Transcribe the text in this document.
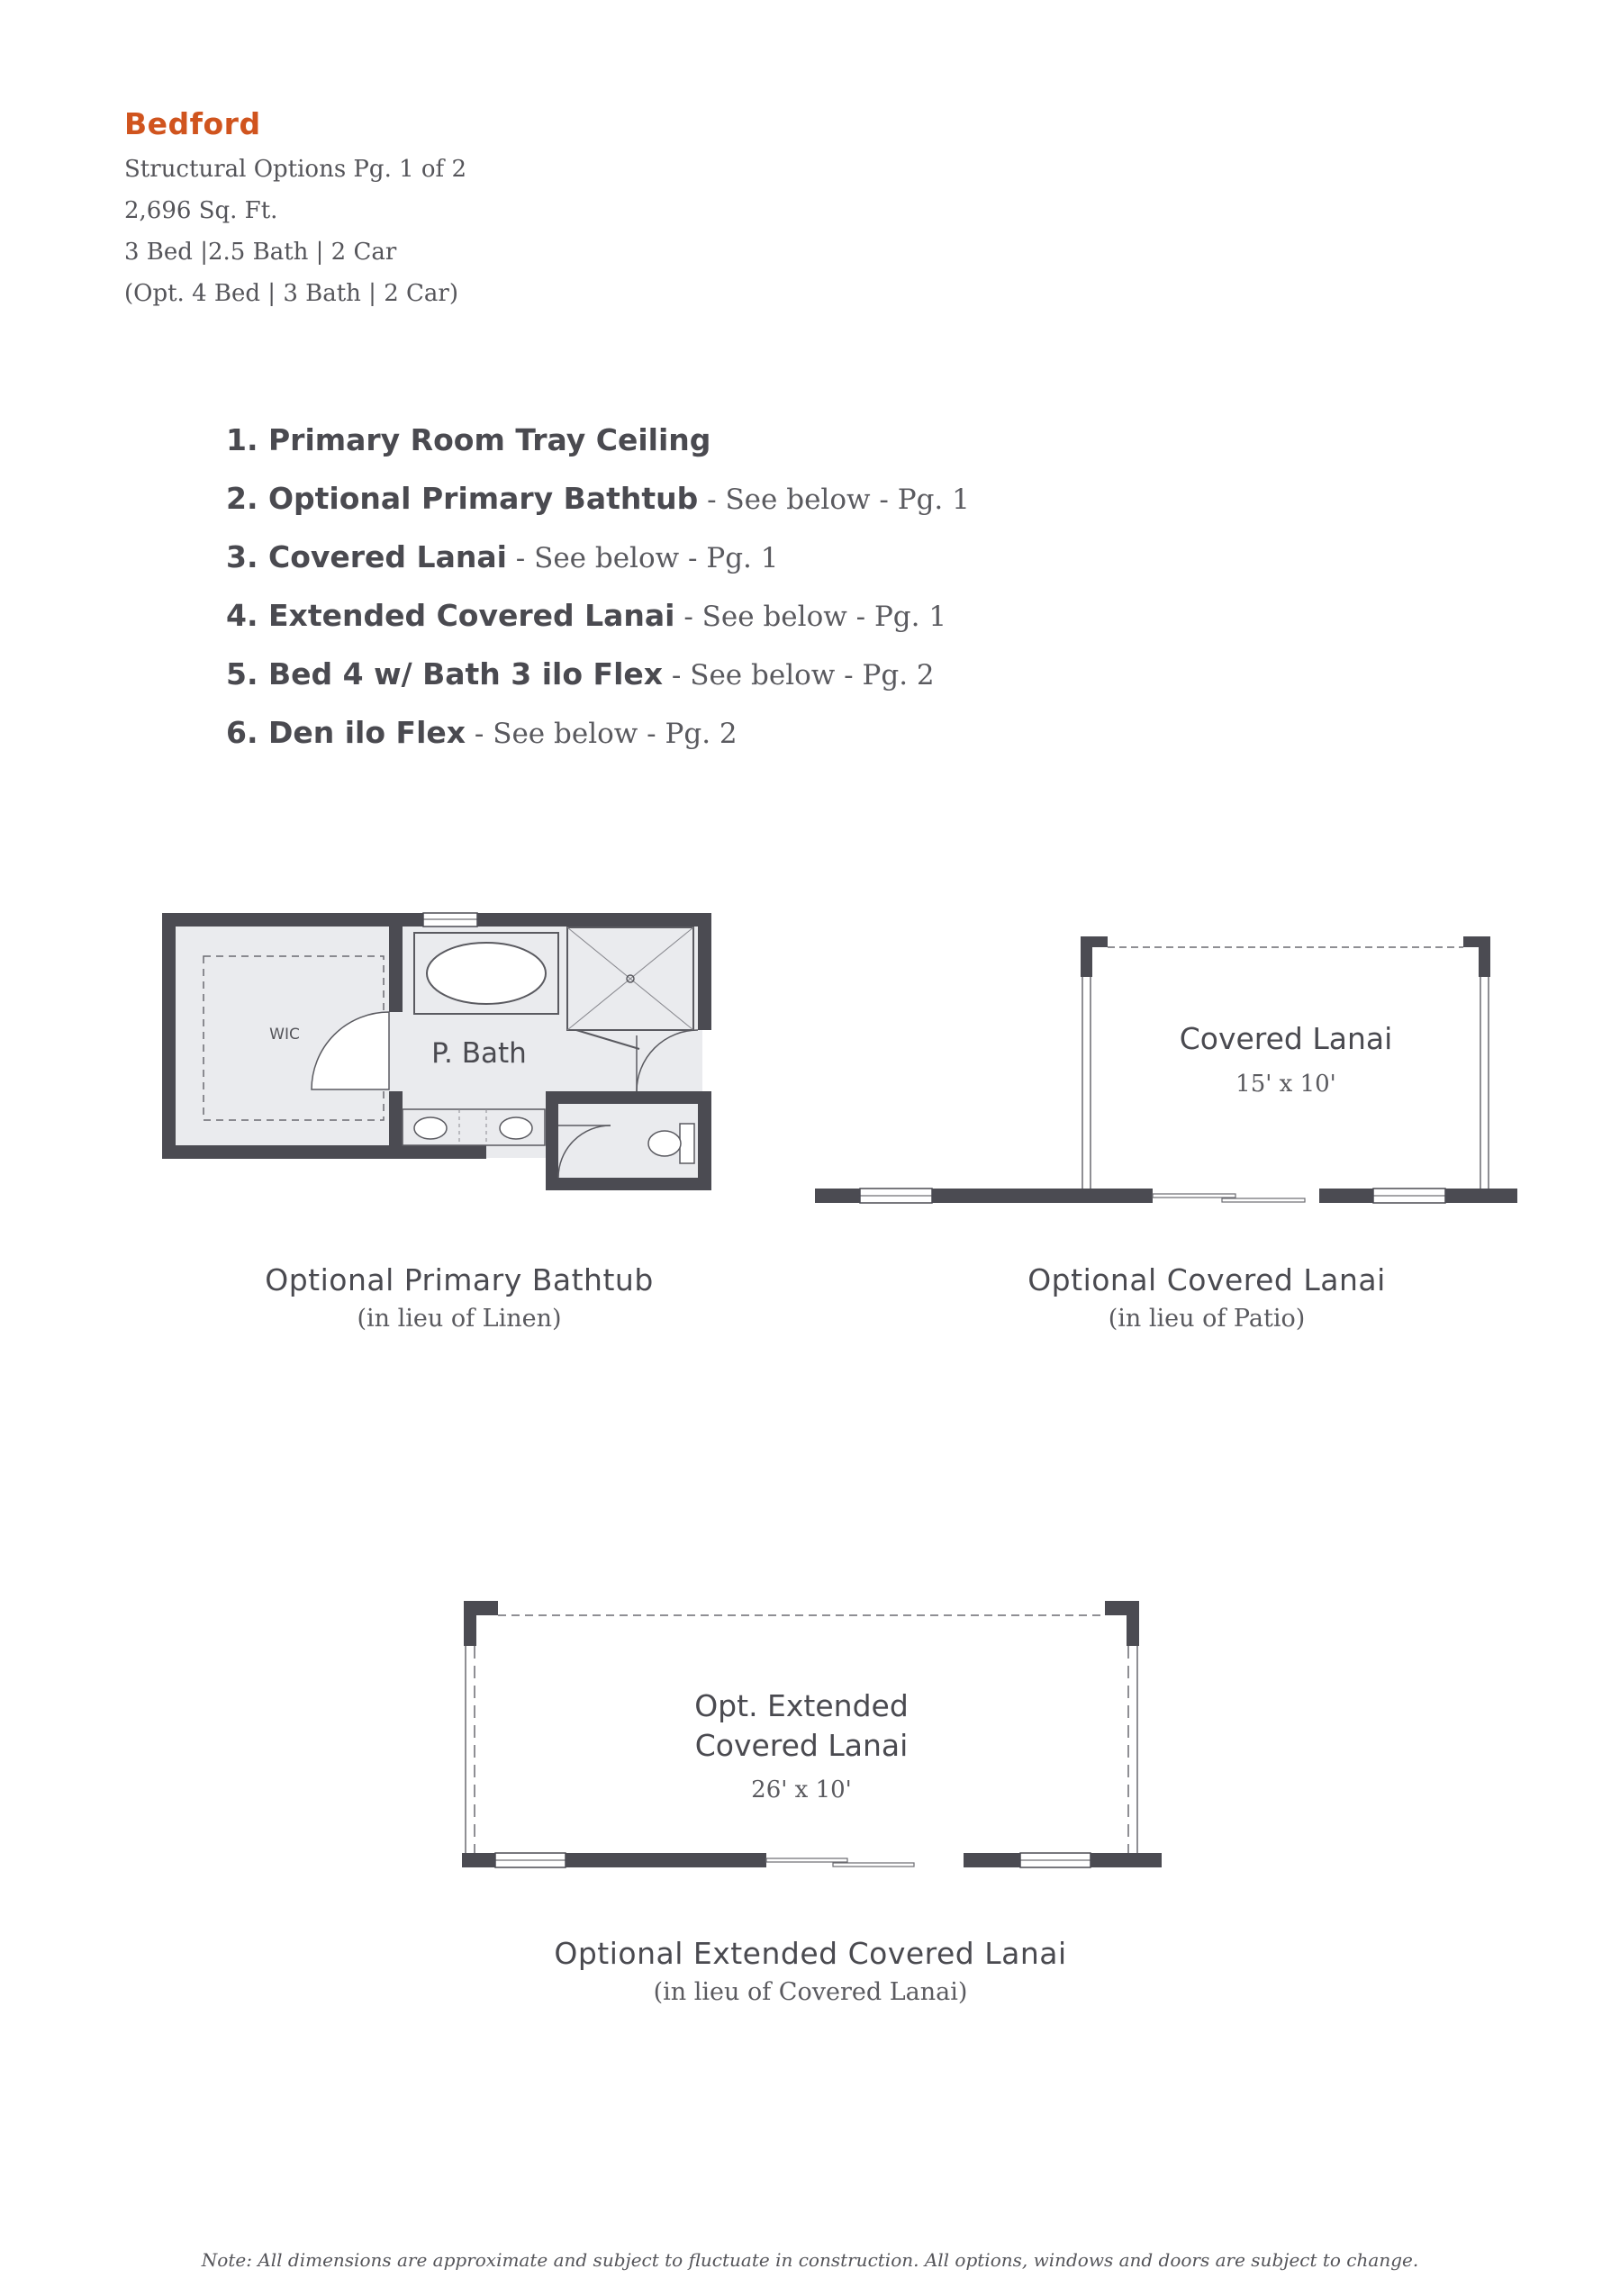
Bedford

Structural Options Pg. 1 of 2

2,696 Sq. Ft.

3 Bed |2.5 Bath | 2 Car

(Opt. 4 Bed | 3 Bath | 2 Car)

1. Primary Room Tray Ceiling
2. Optional Primary Bathtub - See below - Pg. 1
3. Covered Lanai - See below - Pg. 1
4. Extended Covered Lanai - See below - Pg. 1
5. Bed 4 w/ Bath 3 ilo Flex - See below - Pg. 2
6. Den ilo Flex - See below - Pg. 2
WIC
P. Bath

Optional Primary Bathtub

(in lieu of Linen)

Covered Lanai
15' x 10'

Optional Covered Lanai

(in lieu of Patio)

Opt. Extended
Covered Lanai
26' x 10'

Optional Extended Covered Lanai

(in lieu of Covered Lanai)

Note: All dimensions are approximate and subject to fluctuate in construction. All options, windows and doors are subject to change.
